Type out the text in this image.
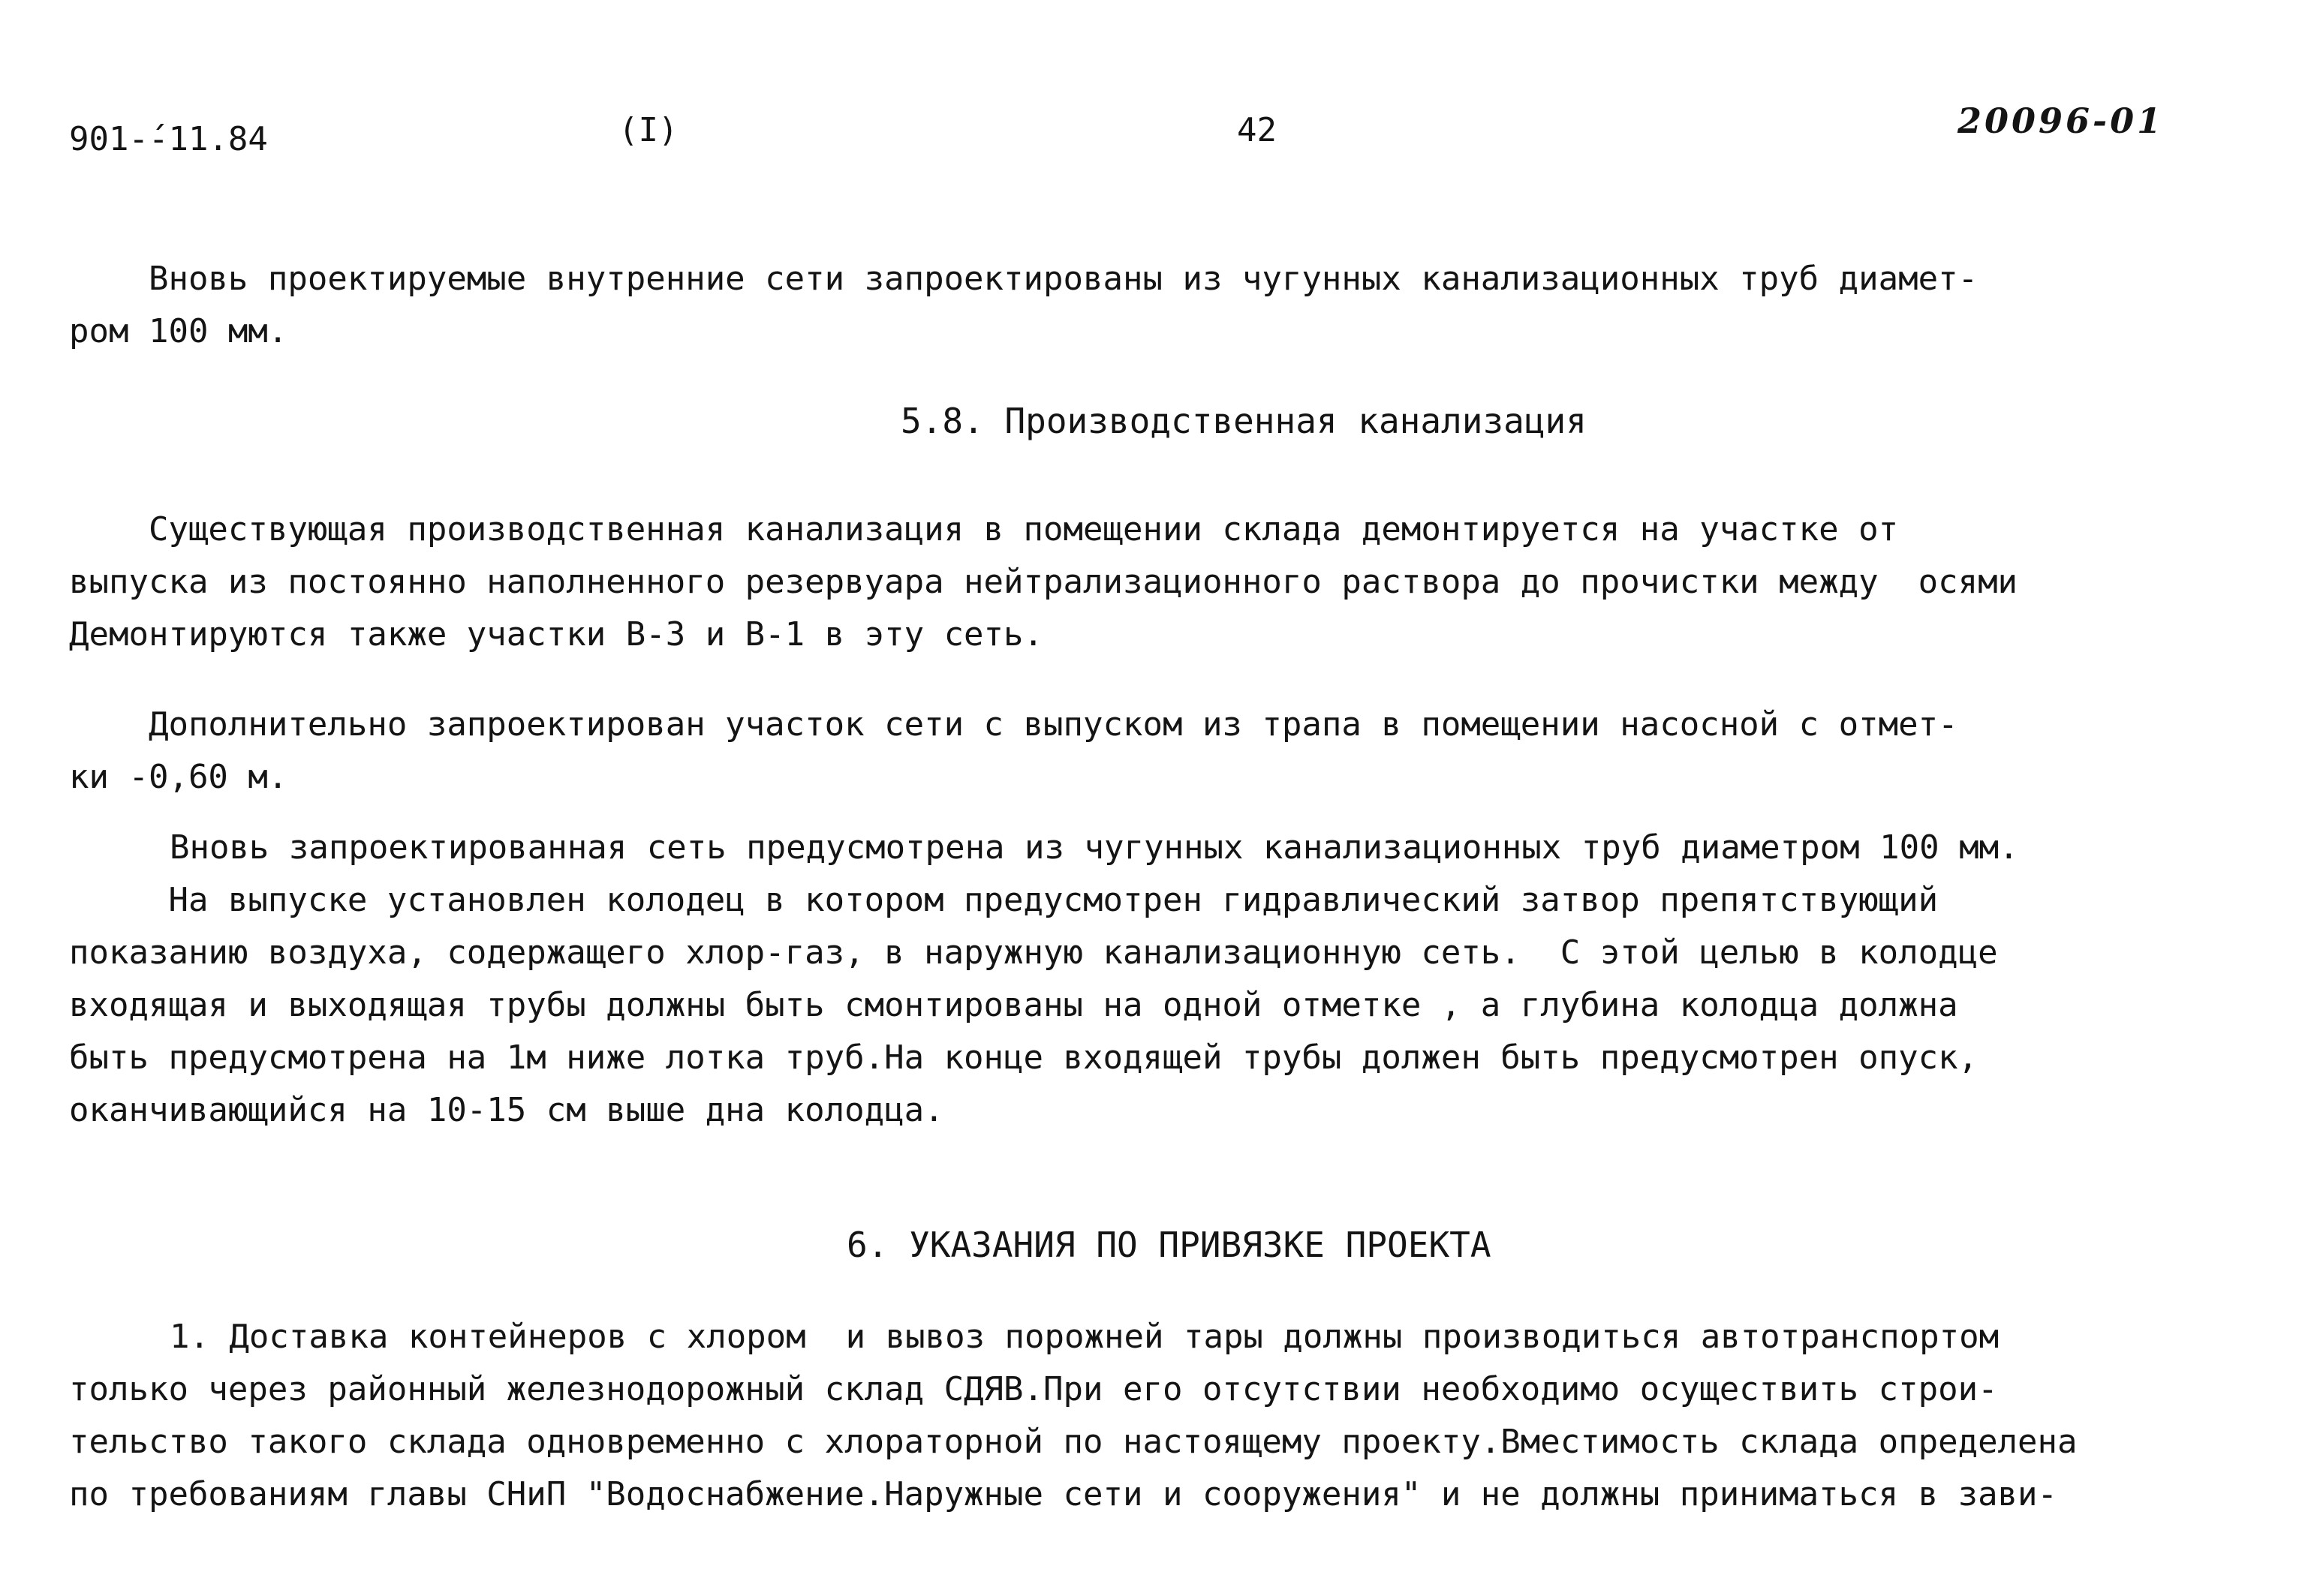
901-́́-11.84	(I)	42	20096-01
Вновь проектируемые внутренние сети запроектированы из чугунных канализационных труб диамет-
ром 100 мм.
5.8. Производственная канализация
Существующая производственная канализация в помещении склада демонтируется на участке от
выпуска из постоянно наполненного резервуара нейтрализационного раствора до прочистки между  осями
Демонтируются также участки В-3 и В-1 в эту сеть.
Дополнительно запроектирован участок сети с выпуском из трапа в помещении насосной с отмет-
ки -0,60 м.
Вновь запроектированная сеть предусмотрена из чугунных канализационных труб диаметром 100 мм.
На выпуске установлен колодец в котором предусмотрен гидравлический затвор препятствующий
показанию воздуха, содержащего хлор-газ, в наружную канализационную сеть.  С этой целью в колодце
входящая и выходящая трубы должны быть смонтированы на одной отметке , а глубина колодца должна
быть предусмотрена на 1м ниже лотка труб.На конце входящей трубы должен быть предусмотрен опуск,
оканчивающийся на 10-15 см выше дна колодца.
6. УКАЗАНИЯ ПО ПРИВЯЗКЕ ПРОЕКТА
1. Доставка контейнеров с хлором  и вывоз порожней тары должны производиться автотранспортом
только через районный железнодорожный склад СДЯВ.При его отсутствии необходимо осуществить строи-
тельство такого склада одновременно с хлораторной по настоящему проекту.Вместимость склада определена
по требованиям главы СНиП "Водоснабжение.Наружные сети и сооружения" и не должны приниматься в зави-
